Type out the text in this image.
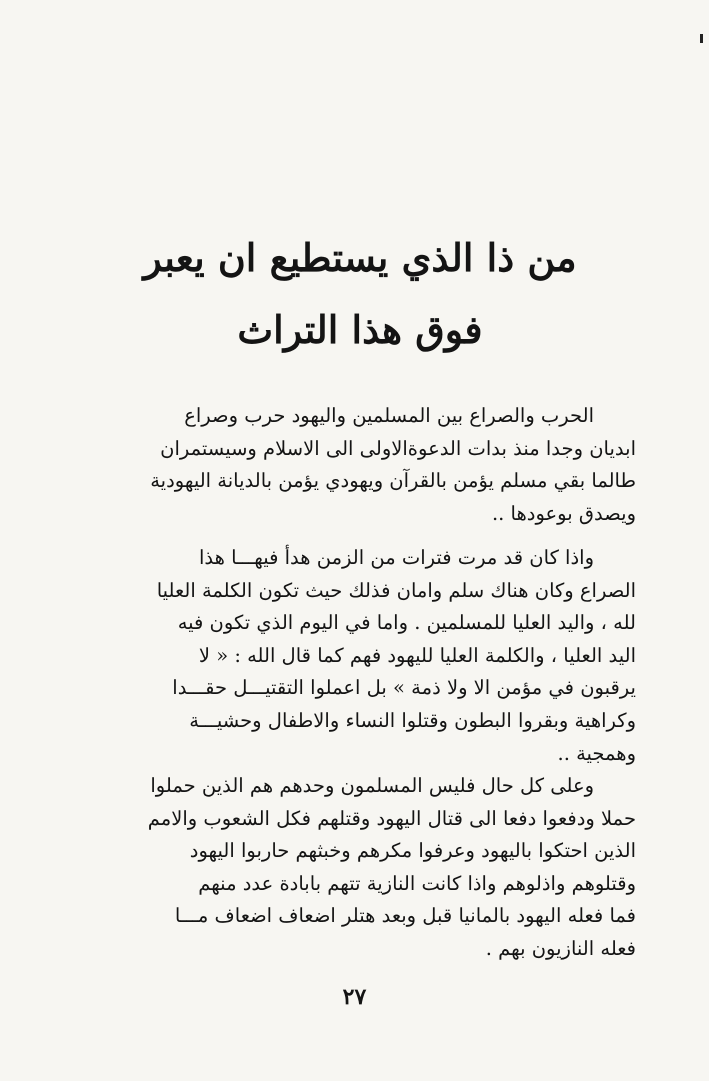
من ذا الذي يستطيع ان يعبر
فوق هذا التراث
الحرب والصراع بين المسلمين واليهود حرب وصراع
ابديان وجدا منذ بدات الدعوةالاولى الى الاسلام وسيستمران
طالما بقي مسلم يؤمن بالقرآن ويهودي يؤمن بالديانة اليهودية
ويصدق بوعودها ..
واذا كان قد مرت فترات من الزمن هدأ فيهـــا هذا
الصراع وكان هناك سلم وامان فذلك حيث تكون الكلمة العليا
لله ، واليد العليا للمسلمين . واما في اليوم الذي تكون فيه
اليد العليا ، والكلمة العليا لليهود فهم كما قال الله : « لا
يرقبون في مؤمن الا ولا ذمة » بل اعملوا التقتيـــل حقـــدا
وكراهية وبقروا البطون وقتلوا النساء والاطفال وحشيـــة
وهمجية ..
وعلى كل حال فليس المسلمون وحدهم هم الذين حملوا
حملا ودفعوا دفعا الى قتال اليهود وقتلهم فكل الشعوب والامم
الذين احتكوا باليهود وعرفوا مكرهم وخبثهم حاربوا اليهود
وقتلوهم واذلوهم واذا كانت النازية تتهم بابادة عدد منهم
فما فعله اليهود بالمانيا قبل وبعد هتلر اضعاف اضعاف مـــا
فعله النازيون بهم .

٢٧
